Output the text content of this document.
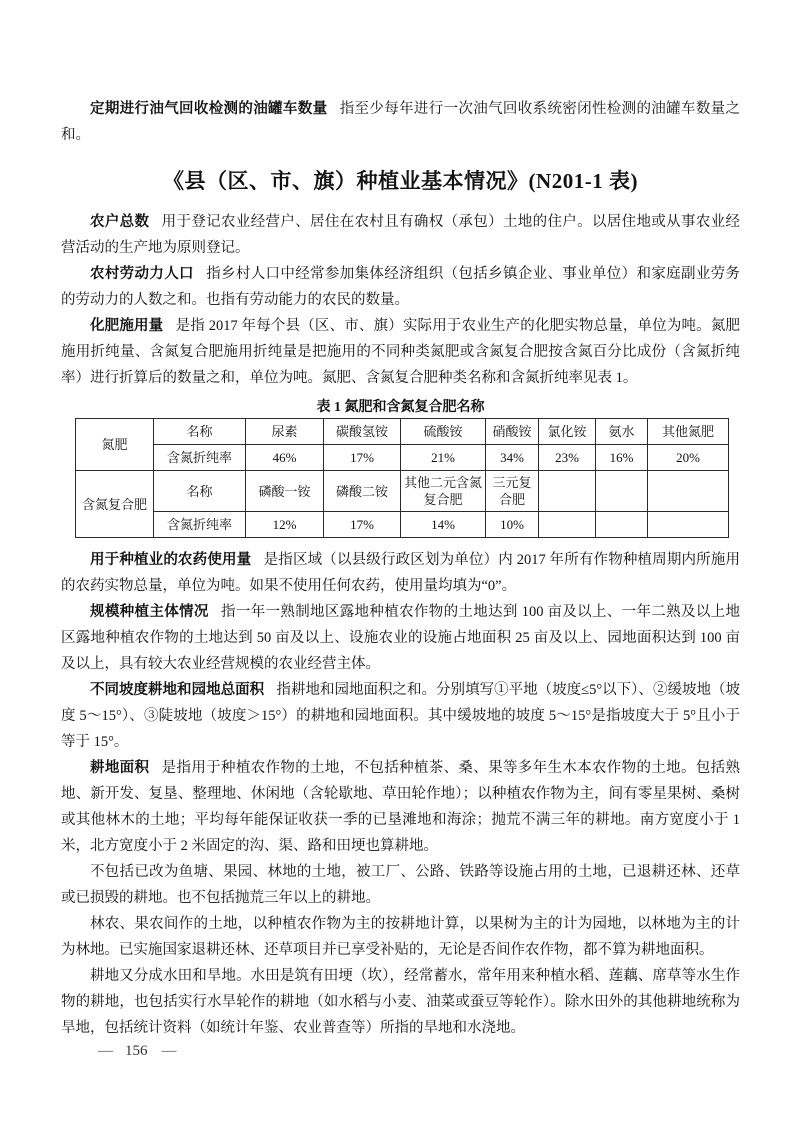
定期进行油气回收检测的油罐车数量 指至少每年进行一次油气回收系统密闭性检测的油罐车数量之和。

《县（区、市、旗）种植业基本情况》(N201-1 表)

农户总数 用于登记农业经营户、居住在农村且有确权（承包）土地的住户。以居住地或从事农业经营活动的生产地为原则登记。

农村劳动力人口 指乡村人口中经常参加集体经济组织（包括乡镇企业、事业单位）和家庭副业劳务的劳动力的人数之和。也指有劳动能力的农民的数量。

化肥施用量 是指 2017 年每个县（区、市、旗）实际用于农业生产的化肥实物总量，单位为吨。氮肥施用折纯量、含氮复合肥施用折纯量是把施用的不同种类氮肥或含氮复合肥按含氮百分比成份（含氮折纯率）进行折算后的数量之和，单位为吨。氮肥、含氮复合肥种类名称和含氮折纯率见表 1。

表 1 氮肥和含氮复合肥名称
氮肥	名称	尿素	碳酸氢铵	硫酸铵	硝酸铵	氯化铵	氨水	其他氮肥
	含氮折纯率	46%	17%	21%	34%	23%	16%	20%
含氮复合肥	名称	磷酸一铵	磷酸二铵	其他二元含氮复合肥	三元复合肥			
	含氮折纯率	12%	17%	14%	10%			

用于种植业的农药使用量 是指区域（以县级行政区划为单位）内 2017 年所有作物种植周期内所施用的农药实物总量，单位为吨。如果不使用任何农药，使用量均填为“0”。

规模种植主体情况 指一年一熟制地区露地种植农作物的土地达到 100 亩及以上、一年二熟及以上地区露地种植农作物的土地达到 50 亩及以上、设施农业的设施占地面积 25 亩及以上、园地面积达到 100 亩及以上，具有较大农业经营规模的农业经营主体。

不同坡度耕地和园地总面积 指耕地和园地面积之和。分别填写①平地（坡度≤5°以下）、②缓坡地（坡度 5～15°）、③陡坡地（坡度＞15°）的耕地和园地面积。其中缓坡地的坡度 5～15°是指坡度大于 5°且小于等于 15°。

耕地面积 是指用于种植农作物的土地，不包括种植茶、桑、果等多年生木本农作物的土地。包括熟地、新开发、复垦、整理地、休闲地（含轮歇地、草田轮作地）；以种植农作物为主，间有零星果树、桑树或其他林木的土地；平均每年能保证收获一季的已垦滩地和海涂；抛荒不满三年的耕地。南方宽度小于 1 米，北方宽度小于 2 米固定的沟、渠、路和田埂也算耕地。

不包括已改为鱼塘、果园、林地的土地，被工厂、公路、铁路等设施占用的土地，已退耕还林、还草或已损毁的耕地。也不包括抛荒三年以上的耕地。

林农、果农间作的土地，以种植农作物为主的按耕地计算，以果树为主的计为园地，以林地为主的计为林地。已实施国家退耕还林、还草项目并已享受补贴的，无论是否间作农作物，都不算为耕地面积。

耕地又分成水田和旱地。水田是筑有田埂（坎），经常蓄水，常年用来种植水稻、莲藕、席草等水生作物的耕地，也包括实行水旱轮作的耕地（如水稻与小麦、油菜或蚕豆等轮作）。除水田外的其他耕地统称为旱地，包括统计资料（如统计年鉴、农业普查等）所指的旱地和水浇地。

— 156 —
